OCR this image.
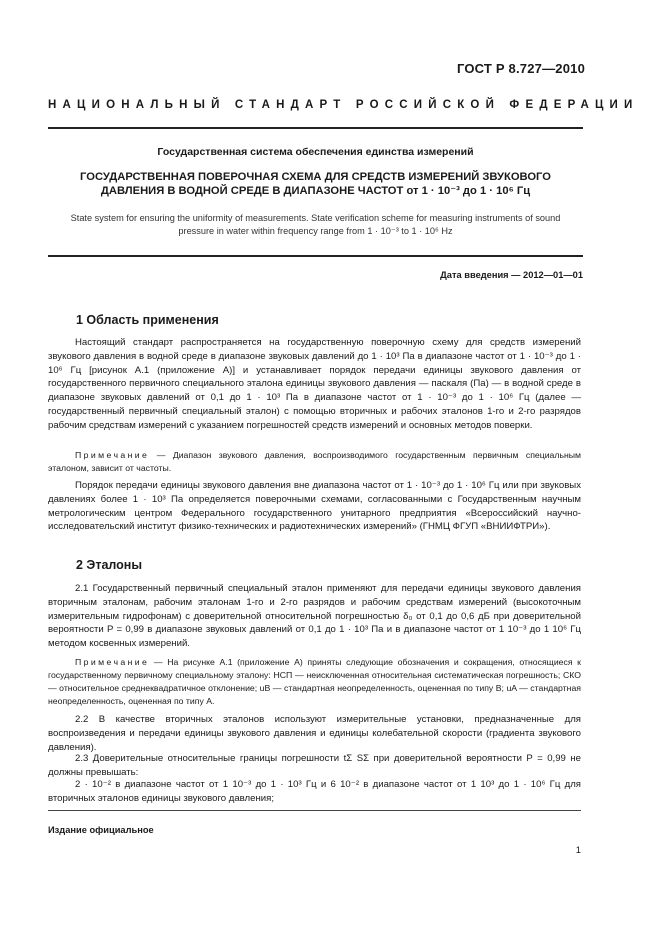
ГОСТ Р 8.727—2010
НАЦИОНАЛЬНЫЙ СТАНДАРТ РОССИЙСКОЙ ФЕДЕРАЦИИ
Государственная система обеспечения единства измерений
ГОСУДАРСТВЕННАЯ ПОВЕРОЧНАЯ СХЕМА ДЛЯ СРЕДСТВ ИЗМЕРЕНИЙ ЗВУКОВОГО ДАВЛЕНИЯ В ВОДНОЙ СРЕДЕ В ДИАПАЗОНЕ ЧАСТОТ от 1 · 10⁻³ до 1 · 10⁶ Гц
State system for ensuring the uniformity of measurements. State verification scheme for measuring instruments of sound pressure in water within frequency range from 1 · 10⁻³ to 1 · 10⁶ Hz
Дата введения — 2012—01—01
1 Область применения
Настоящий стандарт распространяется на государственную поверочную схему для средств измерений звукового давления в водной среде в диапазоне звуковых давлений до 1 · 10³ Па в диапазоне частот от 1 · 10⁻³ до 1 · 10⁶ Гц [рисунок А.1 (приложение А)] и устанавливает порядок передачи единицы звукового давления от государственного первичного специального эталона единицы звукового давления — паскаля (Па) — в водной среде в диапазоне звуковых давлений от 0,1 до 1 · 10³ Па в диапазоне частот от 1 · 10⁻³ до 1 · 10⁶ Гц (далее — государственный первичный специальный эталон) с помощью вторичных и рабочих эталонов 1-го и 2-го разрядов рабочим средствам измерений с указанием погрешностей средств измерений и основных методов поверки.
Примечание — Диапазон звукового давления, воспроизводимого государственным первичным специальным эталоном, зависит от частоты.
Порядок передачи единицы звукового давления вне диапазона частот от 1 · 10⁻³ до 1 · 10⁶ Гц или при звуковых давлениях более 1 · 10³ Па определяется поверочными схемами, согласованными с Государственным научным метрологическим центром Федерального государственного унитарного предприятия «Всероссийский научно-исследовательский институт физико-технических и радиотехнических измерений» (ГНМЦ ФГУП «ВНИИФТРИ»).
2 Эталоны
2.1 Государственный первичный специальный эталон применяют для передачи единицы звукового давления вторичным эталонам, рабочим эталонам 1-го и 2-го разрядов и рабочим средствам измерений (высокоточным измерительным гидрофонам) с доверительной относительной погрешностью δ₀ от 0,1 до 0,6 дБ при доверительной вероятности P = 0,99 в диапазоне звуковых давлений от 0,1 до 1 · 10³ Па и в диапазоне частот от 1 10⁻³ до 1 10⁶ Гц методом косвенных измерений.
Примечание — На рисунке А.1 (приложение А) приняты следующие обозначения и сокращения, относящиеся к государственному первичному специальному эталону: НСП — неисключенная относительная систематическая погрешность; СКО — относительное среднеквадратичное отклонение; uB — стандартная неопределенность, оцененная по типу В; uA — стандартная неопределенность, оцененная по типу А.
2.2 В качестве вторичных эталонов используют измерительные установки, предназначенные для воспроизведения и передачи единицы звукового давления и единицы колебательной скорости (градиента звукового давления).
2.3 Доверительные относительные границы погрешности tΣ SΣ при доверительной вероятности P = 0,99 не должны превышать:
2 · 10⁻² в диапазоне частот от 1 10⁻³ до 1 · 10³ Гц и 6 10⁻² в диапазоне частот от 1 10³ до 1 · 10⁶ Гц для вторичных эталонов единицы звукового давления;
Издание официальное
1
